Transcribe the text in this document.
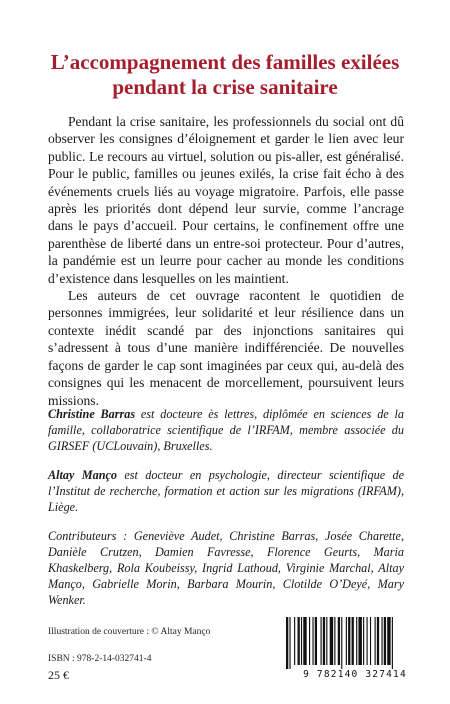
L’accompagnement des familles exilées
pendant la crise sanitaire

Pendant la crise sanitaire, les professionnels du social ont dû observer les consignes d’éloignement et garder le lien avec leur public. Le recours au virtuel, solution ou pis-aller, est généralisé. Pour le public, familles ou jeunes exilés, la crise fait écho à des événements cruels liés au voyage migratoire. Parfois, elle passe après les priorités dont dépend leur survie, comme l’ancrage dans le pays d’accueil. Pour certains, le confinement offre une parenthèse de liberté dans un entre-soi protecteur. Pour d’autres, la pandémie est un leurre pour cacher au monde les conditions d’existence dans lesquelles on les maintient.

Les auteurs de cet ouvrage racontent le quotidien de personnes immigrées, leur solidarité et leur résilience dans un contexte inédit scandé par des injonctions sanitaires qui s’adressent à tous d’une manière indifférenciée. De nouvelles façons de garder le cap sont imaginées par ceux qui, au-delà des consignes qui les menacent de morcellement, poursuivent leurs missions.

Christine Barras est docteure ès lettres, diplômée en sciences de la famille, collaboratrice scientifique de l’IRFAM, membre associée du GIRSEF (UCLouvain), Bruxelles.

Altay Manço est docteur en psychologie, directeur scientifique de l’Institut de recherche, formation et action sur les migrations (IRFAM), Liège.

Contributeurs : Geneviève Audet, Christine Barras, Josée Charette, Danièle Crutzen, Damien Favresse, Florence Geurts, Maria Khaskelberg, Rola Koubeissy, Ingrid Lathoud, Virginie Marchal, Altay Manço, Gabrielle Morin, Barbara Mourin, Clotilde O’Deyé, Mary Wenker.

Illustration de couverture : © Altay Manço
ISBN : 978-2-14-032741-4
25 €	9 782140 327414
